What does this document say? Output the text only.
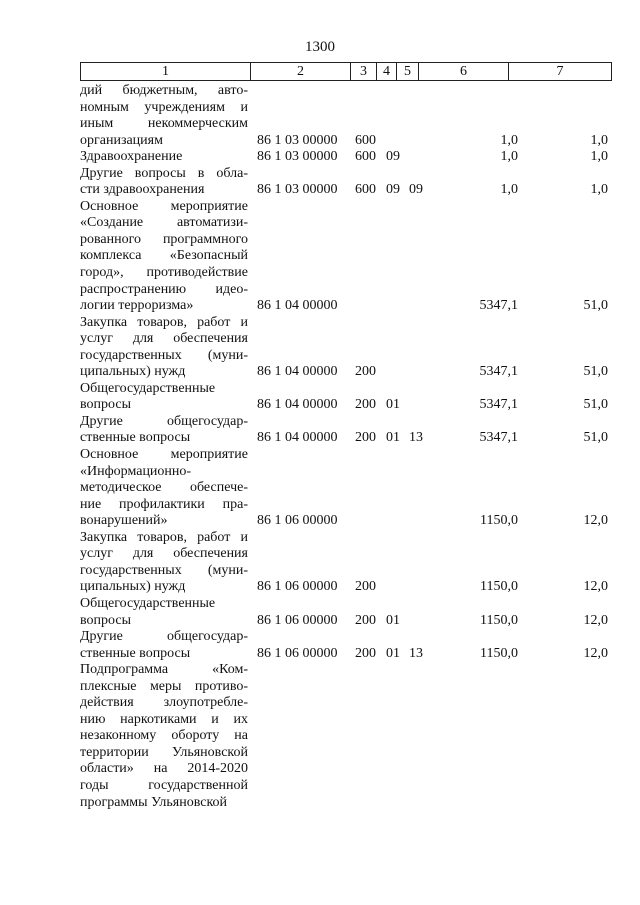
1300
1	2	3	4	5	6	7
дий бюджетным, авто-
номным учреждениям и
иным некоммерческим
организациям	86 1 03 00000 600	1,0	1,0
Здравоохранение	86 1 03 00000 600 09	1,0	1,0
Другие вопросы в обла-
сти здравоохранения	86 1 03 00000 600 09 09	1,0	1,0
Основное мероприятие
«Создание автоматизи-
рованного программного
комплекса «Безопасный
город», противодействие
распространению идео-
логии терроризма»	86 1 04 00000	5347,1	51,0
Закупка товаров, работ и
услуг для обеспечения
государственных (муни-
ципальных) нужд	86 1 04 00000 200	5347,1	51,0
Общегосударственные
вопросы	86 1 04 00000 200 01	5347,1	51,0
Другие общегосудар-
ственные вопросы	86 1 04 00000 200 01 13	5347,1	51,0
Основное мероприятие
«Информационно-
методическое обеспече-
ние профилактики пра-
вонарушений»	86 1 06 00000	1150,0	12,0
Закупка товаров, работ и
услуг для обеспечения
государственных (муни-
ципальных) нужд	86 1 06 00000 200	1150,0	12,0
Общегосударственные
вопросы	86 1 06 00000 200 01	1150,0	12,0
Другие общегосудар-
ственные вопросы	86 1 06 00000 200 01 13	1150,0	12,0
Подпрограмма «Ком-
плексные меры противо-
действия злоупотребле-
нию наркотиками и их
незаконному обороту на
территории Ульяновской
области» на 2014-2020
годы государственной
программы Ульяновской
